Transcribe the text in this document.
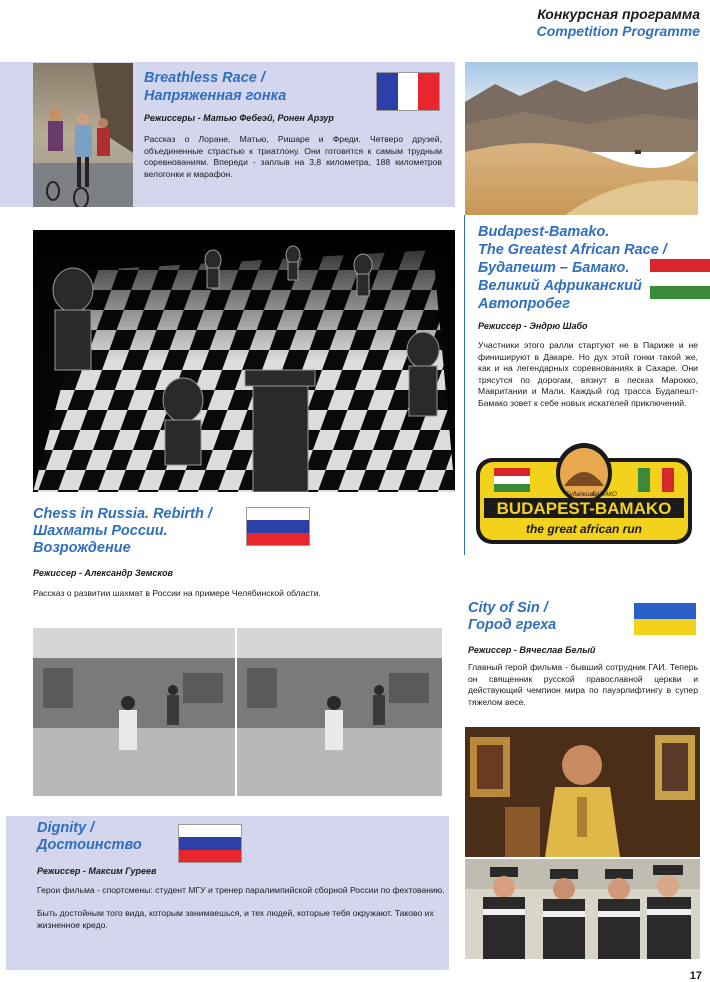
Конкурсная программа
Competition Programme
Breathless Race /
Напряженная гонка
Режиссеры - Матью Фебеэй, Ронен Арзур
Рассказ о Лоране, Матью, Ришаре и Фреди. Четверо друзей, объединенные страстью к триатлону. Они готовятся к самым трудным соревнованиям. Впереди - заплыв на 3,8 километра, 188 километров велогонки и марафон.
Budapest-Bamako.
The Greatest African Race /
Будапешт – Бамако.
Великий Африканский
Автопробег
Режиссер - Эндрю Шабо
Участники этого ралли стартуют не в Париже и не финишируют в Дакаре. Но дух этой гонки такой же, как и на легендарных соревнованиях в Сахаре. Они трясутся по дорогам, вязнут в песках Марокко, Мавритании и Мали. Каждый год трасса Будапешт-Бамако зовет к себе новых искателей приключений.
Будапешт
БАМАКО
BUDAPEST-BAMAKO
the great african run
Chess in Russia. Rebirth /
Шахматы России.
Возрождение
Режиссер - Александр Земсков
Рассказ о развитии шахмат в России на примере Челябинской области.
City of Sin /
Город греха
Режиссер - Вячеслав Белый
Главный герой фильма - бывший сотрудник ГАИ. Теперь он священник русской православной церкви и действующий чемпион мира по пауэрлифтингу в супер тяжелом весе.
Dignity /
Достоинство
Режиссер - Максим Гуреев
Герои фильма - спортсмены: студент МГУ и тренер паралимпийской сборной России по фехтованию.
Быть достойным того вида, которым занимаешься, и тех людей, которые тебя окружают. Таково их жизненное кредо.
17
